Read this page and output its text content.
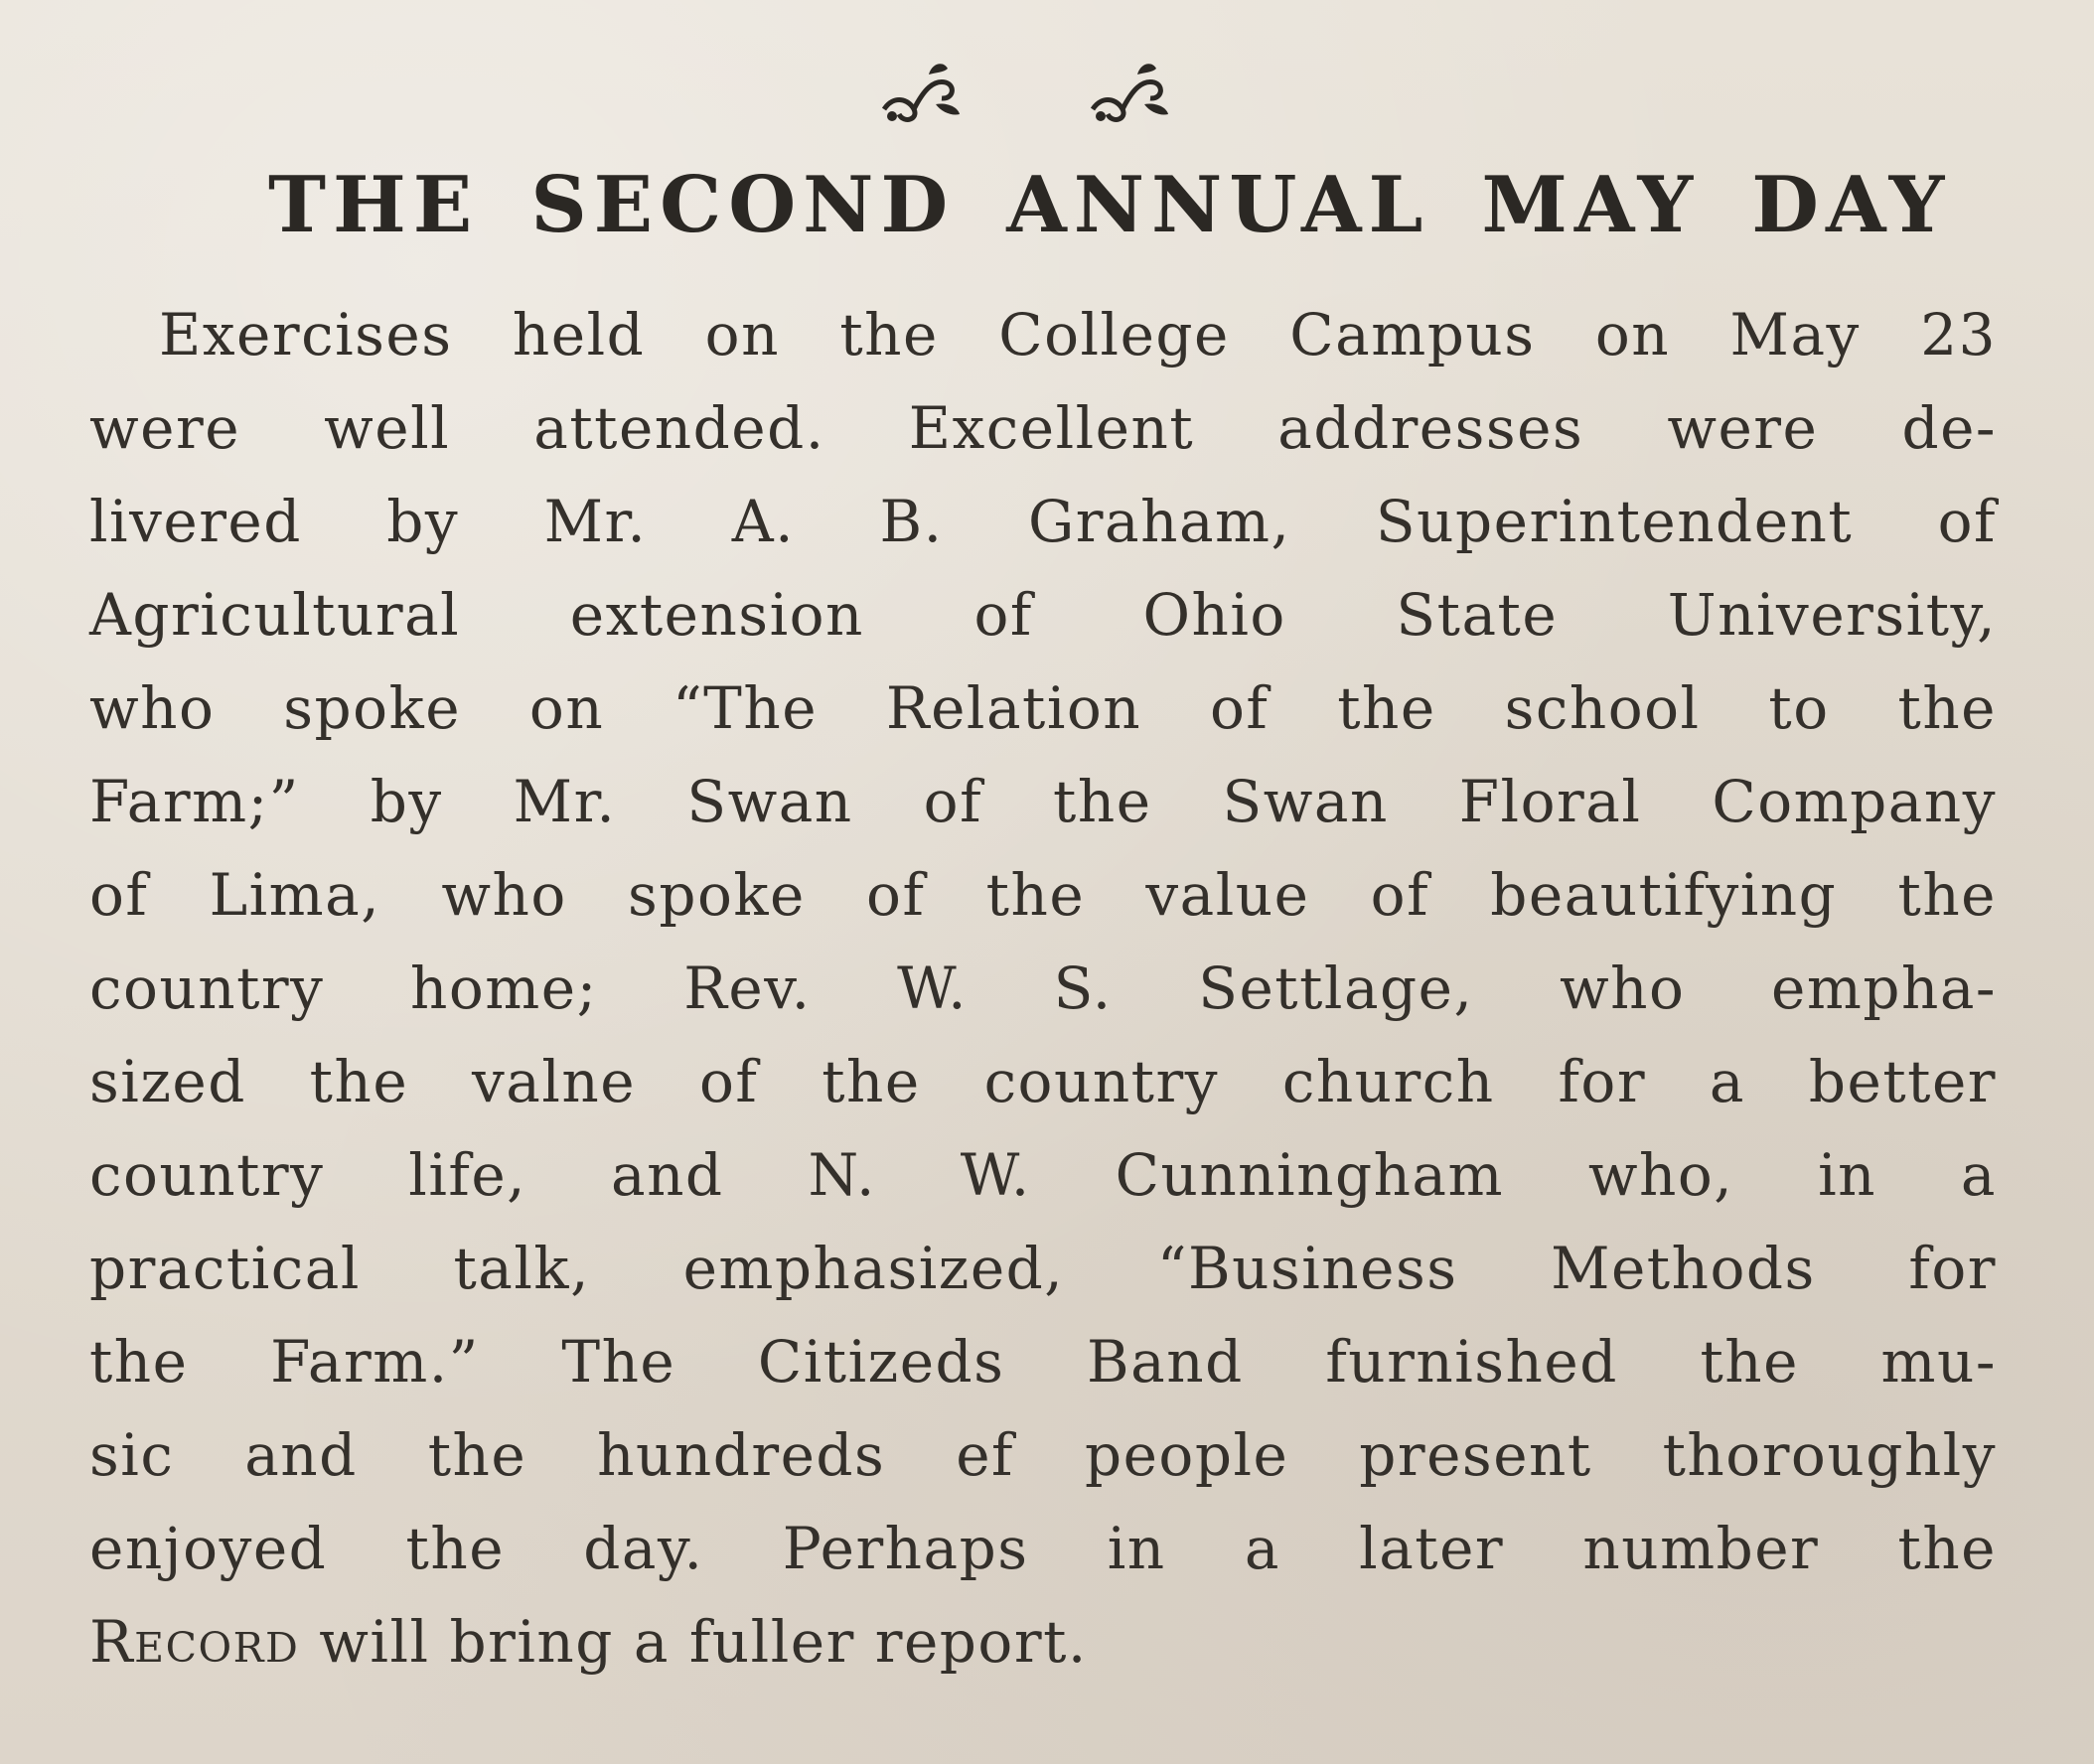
THE SECOND ANNUAL MAY DAY
Exercises held on the College Campus on May 23
were well attended. Excellent addresses were de-
livered by Mr. A. B. Graham, Superintendent of
Agricultural extension of Ohio State University,
who spoke on “The Relation of the school to the
Farm;” by Mr. Swan of the Swan Floral Company
of Lima, who spoke of the value of beautifying the
country home; Rev. W. S. Settlage, who empha-
sized the valne of the country church for a better
country life, and N. W. Cunningham who, in a
practical talk, emphasized, “Business Methods for
the Farm.” The Citizeds Band furnished the mu-
sic and the hundreds ef people present thoroughly
enjoyed the day. Perhaps in a later number the
Record will bring a fuller report.
